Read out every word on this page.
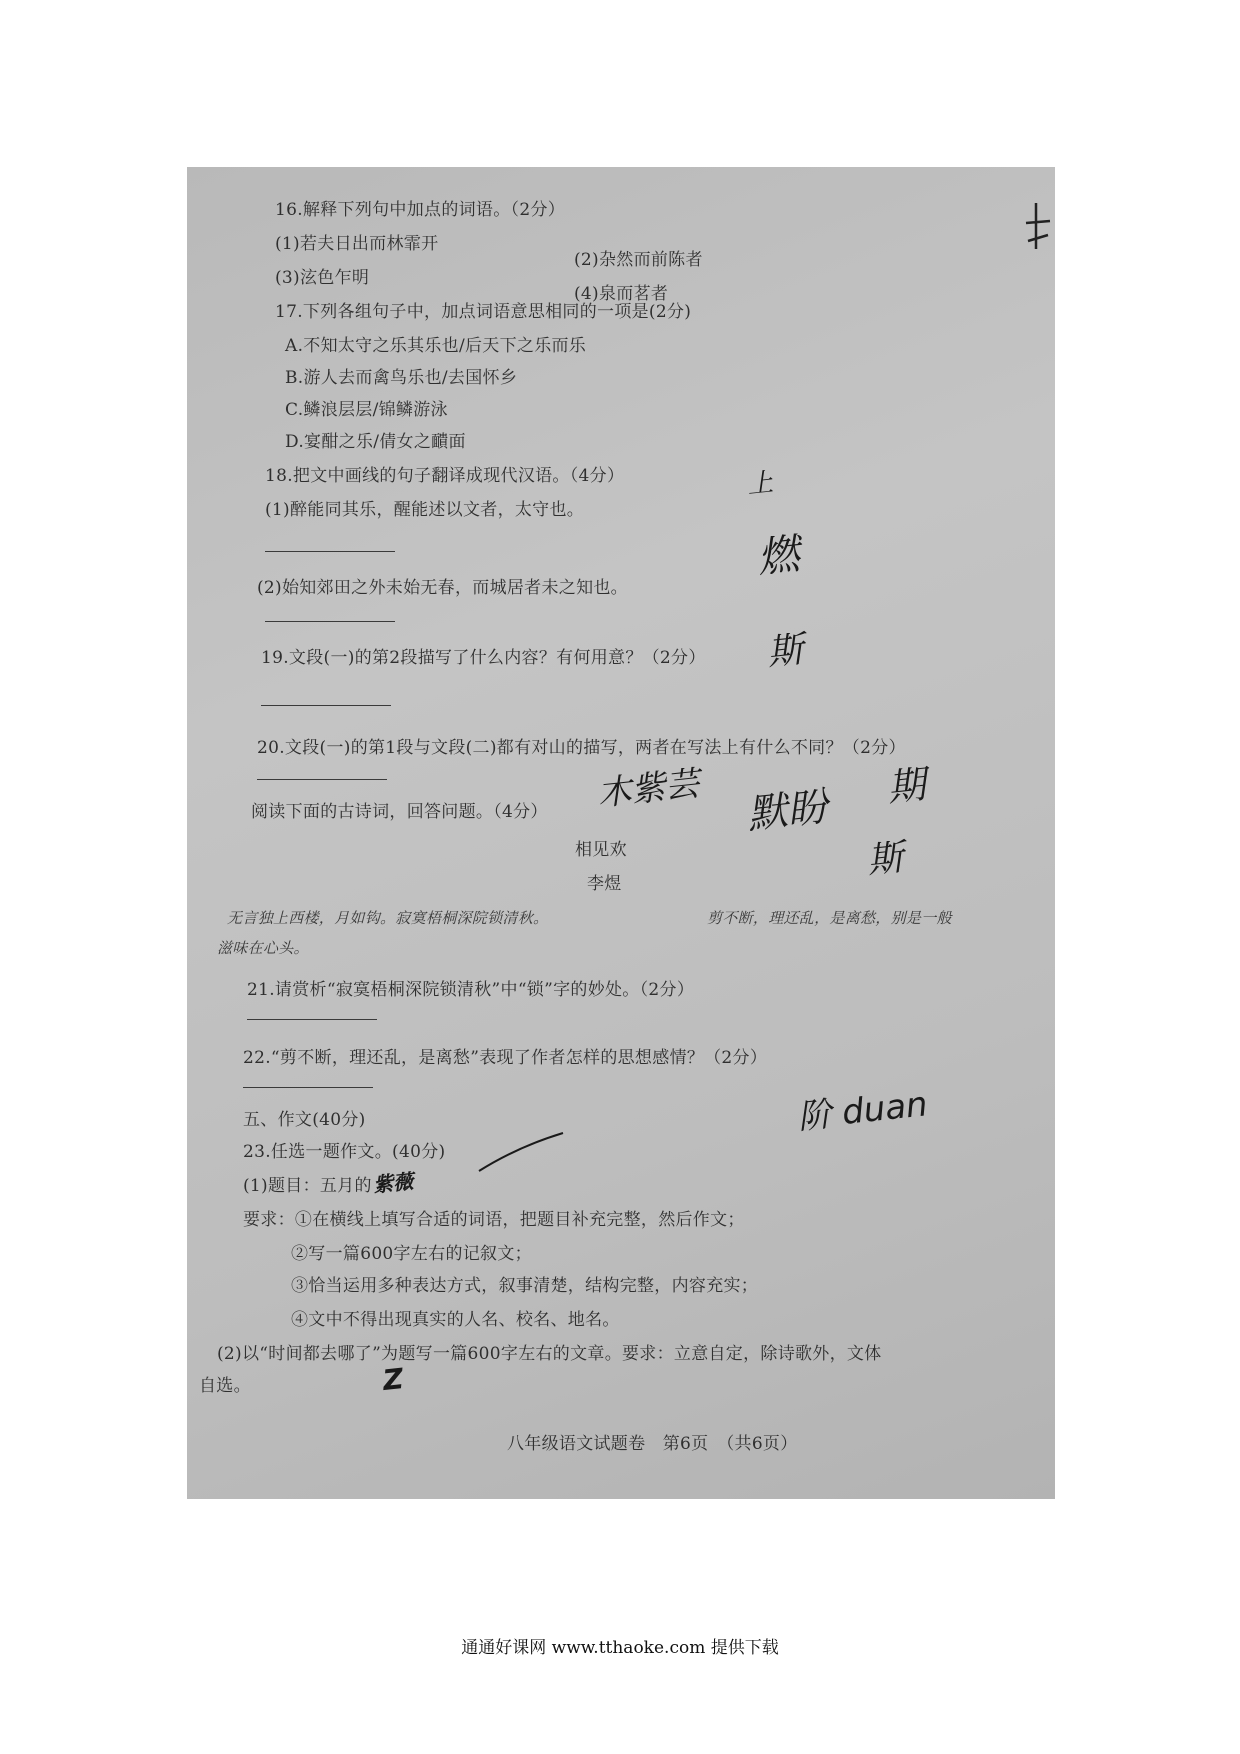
16.解释下列句中加点的词语。（2分）
(1)若夫日出而林霏开
(2)杂然而前陈者
(3)泫色乍明
(4)泉而茗者
17.下列各组句子中，加点词语意思相同的一项是(2分)
A.不知太守之乐其乐也/后天下之乐而乐
B.游人去而禽鸟乐也/去国怀乡
C.鳞浪层层/锦鳞游泳
D.宴酣之乐/倩女之靧面
18.把文中画线的句子翻译成现代汉语。（4分）
(1)醉能同其乐，醒能述以文者，太守也。
(2)始知郊田之外未始无春，而城居者未之知也。
19.文段(一)的第2段描写了什么内容？有何用意？（2分）
20.文段(一)的第1段与文段(二)都有对山的描写，两者在写法上有什么不同？（2分）
阅读下面的古诗词，回答问题。（4分）
相见欢
李煜
无言独上西楼，月如钩。寂寞梧桐深院锁清秋。	剪不断，理还乱，是离愁，别是一般
滋味在心头。
21.请赏析“寂寞梧桐深院锁清秋”中“锁”字的妙处。（2分）
22.“剪不断，理还乱，是离愁”表现了作者怎样的思想感情？（2分）
五、作文(40分)
23.任选一题作文。(40分)
(1)题目：五月的
要求：①在横线上填写合适的词语，把题目补充完整，然后作文；
②写一篇600字左右的记叙文；
③恰当运用多种表达方式，叙事清楚，结构完整，内容充实；
④文中不得出现真实的人名、校名、地名。
(2)以“时间都去哪了”为题写一篇600字左右的文章。要求：立意自定，除诗歌外，文体
自选。
八年级语文试题卷　第6页　（共6页）
上
燃
斯
木紫芸 默盼 期
斯
阶 duan
Z
紫薇
通通好课网 www.tthaoke.com 提供下载
